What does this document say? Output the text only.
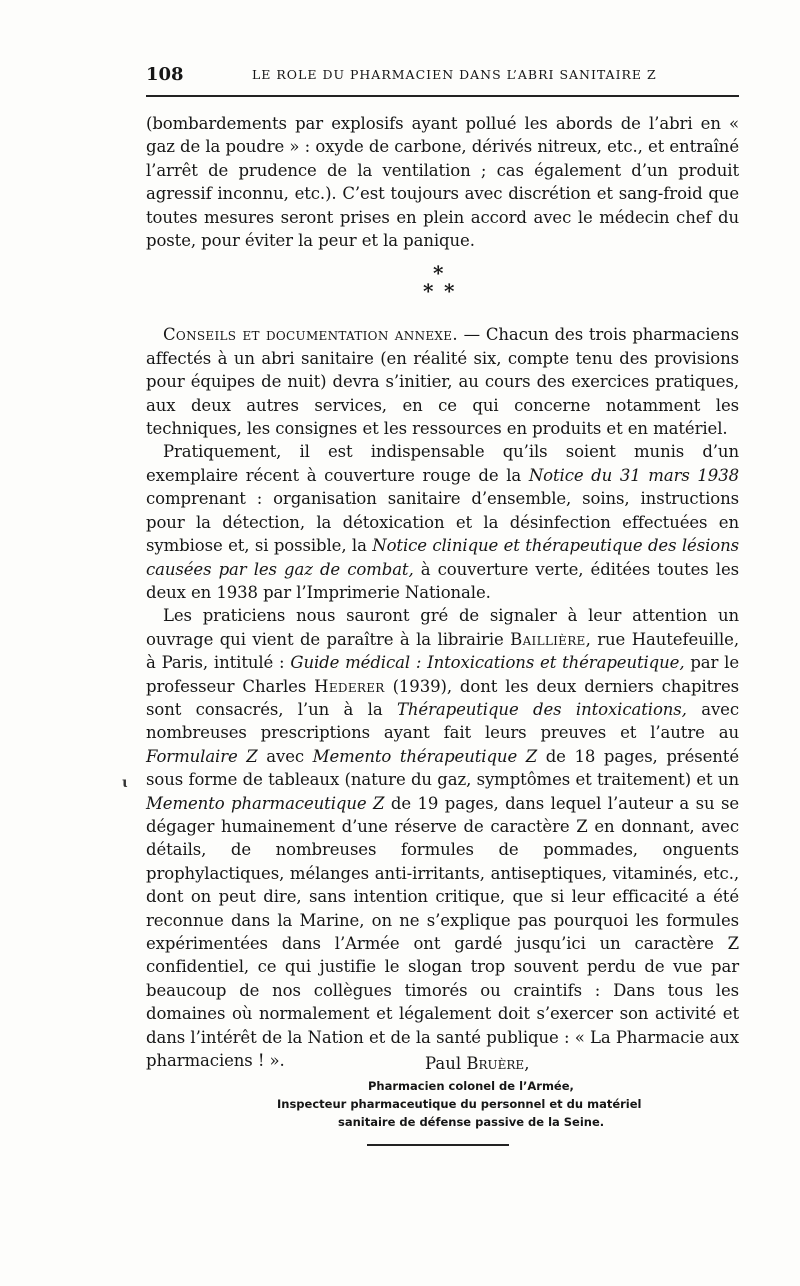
108	LE ROLE DU PHARMACIEN DANS L’ABRI SANITAIRE Z

(bombardements par explosifs ayant pollué les abords de l’abri en « gaz de la poudre » : oxyde de carbone, dérivés nitreux, etc., et entraîné l’arrêt de prudence de la ventilation ; cas également d’un produit agressif inconnu, etc.). C’est toujours avec discrétion et sang-froid que toutes mesures seront prises en plein accord avec le médecin chef du poste, pour éviter la peur et la panique.

*
* *

Conseils et documentation annexe. — Chacun des trois pharmaciens affectés à un abri sanitaire (en réalité six, compte tenu des provisions pour équipes de nuit) devra s’initier, au cours des exercices pratiques, aux deux autres services, en ce qui concerne notamment les techniques, les consignes et les ressources en produits et en matériel.

Pratiquement, il est indispensable qu’ils soient munis d’un exemplaire récent à couverture rouge de la Notice du 31 mars 1938 comprenant : organisation sanitaire d’ensemble, soins, instructions pour la détection, la détoxication et la désinfection effectuées en symbiose et, si possible, la Notice clinique et thérapeutique des lésions causées par les gaz de combat, à couverture verte, éditées toutes les deux en 1938 par l’Imprimerie Nationale.

Les praticiens nous sauront gré de signaler à leur attention un ouvrage qui vient de paraître à la librairie Baillière, rue Hautefeuille, à Paris, intitulé : Guide médical : Intoxications et thérapeutique, par le professeur Charles Hederer (1939), dont les deux derniers chapitres sont consacrés, l’un à la Thérapeutique des intoxications, avec nombreuses prescriptions ayant fait leurs preuves et l’autre au Formulaire Z avec Memento thérapeutique Z de 18 pages, présenté sous forme de tableaux (nature du gaz, symptômes et traitement) et un Memento pharmaceutique Z de 19 pages, dans lequel l’auteur a su se dégager humainement d’une réserve de caractère Z en donnant, avec détails, de nombreuses formules de pommades, onguents prophylactiques, mélanges anti-irritants, antiseptiques, vitaminés, etc., dont on peut dire, sans intention critique, que si leur efficacité a été reconnue dans la Marine, on ne s’explique pas pourquoi les formules expérimentées dans l’Armée ont gardé jusqu’ici un caractère Z confidentiel, ce qui justifie le slogan trop souvent perdu de vue par beaucoup de nos collègues timorés ou craintifs : Dans tous les domaines où normalement et légalement doit s’exercer son activité et dans l’intérêt de la Nation et de la santé publique : « La Pharmacie aux pharmaciens ! ».	Paul Bruère,
Pharmacien colonel de l’Armée,
Inspecteur pharmaceutique du personnel et du matériel
sanitaire de défense passive de la Seine.
ɩ
